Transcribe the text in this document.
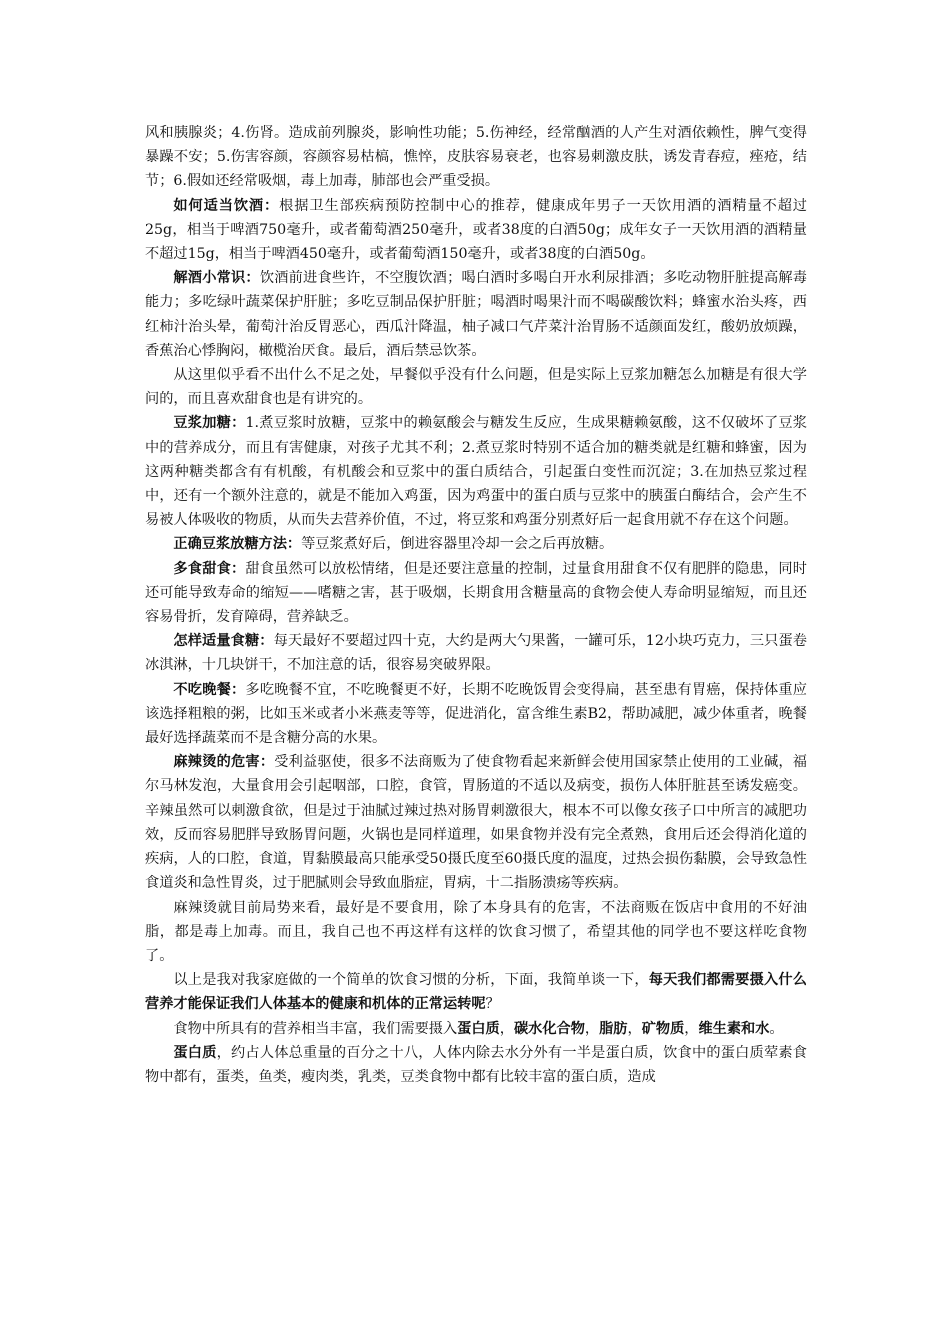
风和胰腺炎；4.伤肾。造成前列腺炎，影响性功能；5.伤神经，经常酗酒的人产生对酒依赖性，脾气变得暴躁不安；5.伤害容颜，容颜容易枯槁，憔悴，皮肤容易衰老，也容易刺激皮肤，诱发青春痘，痤疮，结节；6.假如还经常吸烟，毒上加毒，肺部也会严重受损。

如何适当饮酒：根据卫生部疾病预防控制中心的推荐，健康成年男子一天饮用酒的酒精量不超过25g，相当于啤酒750毫升，或者葡萄酒250毫升，或者38度的白酒50g；成年女子一天饮用酒的酒精量不超过15g，相当于啤酒450毫升，或者葡萄酒150毫升，或者38度的白酒50g。

解酒小常识：饮酒前进食些许，不空腹饮酒；喝白酒时多喝白开水利尿排酒；多吃动物肝脏提高解毒能力；多吃绿叶蔬菜保护肝脏；多吃豆制品保护肝脏；喝酒时喝果汁而不喝碳酸饮料；蜂蜜水治头疼，西红柿汁治头晕，葡萄汁治反胃恶心，西瓜汁降温，柚子减口气芹菜汁治胃肠不适颜面发红，酸奶放烦躁，香蕉治心悸胸闷，橄榄治厌食。最后，酒后禁忌饮茶。

从这里似乎看不出什么不足之处，早餐似乎没有什么问题，但是实际上豆浆加糖怎么加糖是有很大学问的，而且喜欢甜食也是有讲究的。

豆浆加糖：1.煮豆浆时放糖，豆浆中的赖氨酸会与糖发生反应，生成果糖赖氨酸，这不仅破坏了豆浆中的营养成分，而且有害健康，对孩子尤其不利；2.煮豆浆时特别不适合加的糖类就是红糖和蜂蜜，因为这两种糖类都含有有机酸，有机酸会和豆浆中的蛋白质结合，引起蛋白变性而沉淀；3.在加热豆浆过程中，还有一个额外注意的，就是不能加入鸡蛋，因为鸡蛋中的蛋白质与豆浆中的胰蛋白酶结合，会产生不易被人体吸收的物质，从而失去营养价值，不过，将豆浆和鸡蛋分别煮好后一起食用就不存在这个问题。

正确豆浆放糖方法：等豆浆煮好后，倒进容器里冷却一会之后再放糖。

多食甜食：甜食虽然可以放松情绪，但是还要注意量的控制，过量食用甜食不仅有肥胖的隐患，同时还可能导致寿命的缩短——嗜糖之害，甚于吸烟，长期食用含糖量高的食物会使人寿命明显缩短，而且还容易骨折，发育障碍，营养缺乏。

怎样适量食糖：每天最好不要超过四十克，大约是两大勺果酱，一罐可乐，12小块巧克力，三只蛋卷冰淇淋，十几块饼干，不加注意的话，很容易突破界限。

不吃晚餐：多吃晚餐不宜，不吃晚餐更不好，长期不吃晚饭胃会变得扁，甚至患有胃癌，保持体重应该选择粗粮的粥，比如玉米或者小米燕麦等等，促进消化，富含维生素B2，帮助减肥，减少体重者，晚餐最好选择蔬菜而不是含糖分高的水果。

麻辣烫的危害：受利益驱使，很多不法商贩为了使食物看起来新鲜会使用国家禁止使用的工业碱，福尔马林发泡，大量食用会引起咽部，口腔，食管，胃肠道的不适以及病变，损伤人体肝脏甚至诱发癌变。辛辣虽然可以刺激食欲，但是过于油腻过辣过热对肠胃刺激很大，根本不可以像女孩子口中所言的减肥功效，反而容易肥胖导致肠胃问题，火锅也是同样道理，如果食物并没有完全煮熟，食用后还会得消化道的疾病，人的口腔，食道，胃黏膜最高只能承受50摄氏度至60摄氏度的温度，过热会损伤黏膜，会导致急性食道炎和急性胃炎，过于肥腻则会导致血脂症，胃病，十二指肠溃疡等疾病。

麻辣烫就目前局势来看，最好是不要食用，除了本身具有的危害，不法商贩在饭店中食用的不好油脂，都是毒上加毒。而且，我自己也不再这样有这样的饮食习惯了，希望其他的同学也不要这样吃食物了。

以上是我对我家庭做的一个简单的饮食习惯的分析，下面，我简单谈一下，每天我们都需要摄入什么营养才能保证我们人体基本的健康和机体的正常运转呢？

食物中所具有的营养相当丰富，我们需要摄入蛋白质，碳水化合物，脂肪，矿物质，维生素和水。

蛋白质，约占人体总重量的百分之十八，人体内除去水分外有一半是蛋白质，饮食中的蛋白质荤素食物中都有，蛋类，鱼类，瘦肉类，乳类，豆类食物中都有比较丰富的蛋白质，造成
